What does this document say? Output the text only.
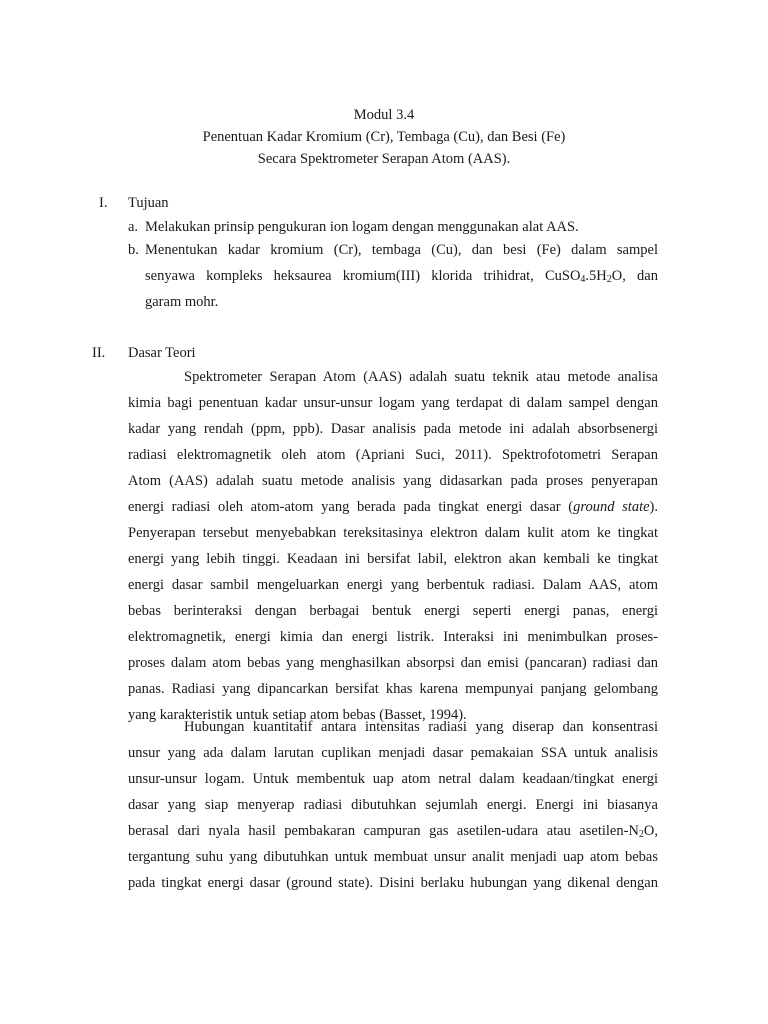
Modul 3.4
Penentuan Kadar Kromium (Cr), Tembaga (Cu), dan Besi (Fe)
Secara Spektrometer Serapan Atom (AAS).
I. Tujuan
a. Melakukan prinsip pengukuran ion logam dengan menggunakan alat AAS.
b. Menentukan kadar kromium (Cr), tembaga (Cu), dan besi (Fe) dalam sampel
senyawa kompleks heksaurea kromium(III) klorida trihidrat, $CuSO_4.5H_2O$, dan
garam mohr.
II. Dasar Teori
Spektrometer Serapan Atom (AAS) adalah suatu teknik atau metode analisa
kimia bagi penentuan kadar unsur-unsur logam yang terdapat di dalam sampel dengan
kadar yang rendah (ppm, ppb). Dasar analisis pada metode ini adalah absorbsenergi
radiasi elektromagnetik oleh atom (Apriani Suci, 2011). Spektrofotometri Serapan
Atom (AAS) adalah suatu metode analisis yang didasarkan pada proses penyerapan
energi radiasi oleh atom-atom yang berada pada tingkat energi dasar (ground state).
Penyerapan tersebut menyebabkan tereksitasinya elektron dalam kulit atom ke tingkat
energi yang lebih tinggi. Keadaan ini bersifat labil, elektron akan kembali ke tingkat
energi dasar sambil mengeluarkan energi yang berbentuk radiasi. Dalam AAS, atom
bebas berinteraksi dengan berbagai bentuk energi seperti energi panas, energi
elektromagnetik, energi kimia dan energi listrik. Interaksi ini menimbulkan proses-
proses dalam atom bebas yang menghasilkan absorpsi dan emisi (pancaran) radiasi dan
panas. Radiasi yang dipancarkan bersifat khas karena mempunyai panjang gelombang
yang karakteristik untuk setiap atom bebas (Basset, 1994).
Hubungan kuantitatif antara intensitas radiasi yang diserap dan konsentrasi
unsur yang ada dalam larutan cuplikan menjadi dasar pemakaian SSA untuk analisis
unsur-unsur logam. Untuk membentuk uap atom netral dalam keadaan/tingkat energi
dasar yang siap menyerap radiasi dibutuhkan sejumlah energi. Energi ini biasanya
berasal dari nyala hasil pembakaran campuran gas asetilen-udara atau asetilen-$N_2O$,
tergantung suhu yang dibutuhkan untuk membuat unsur analit menjadi uap atom bebas
pada tingkat energi dasar (ground state). Disini berlaku hubungan yang dikenal dengan
